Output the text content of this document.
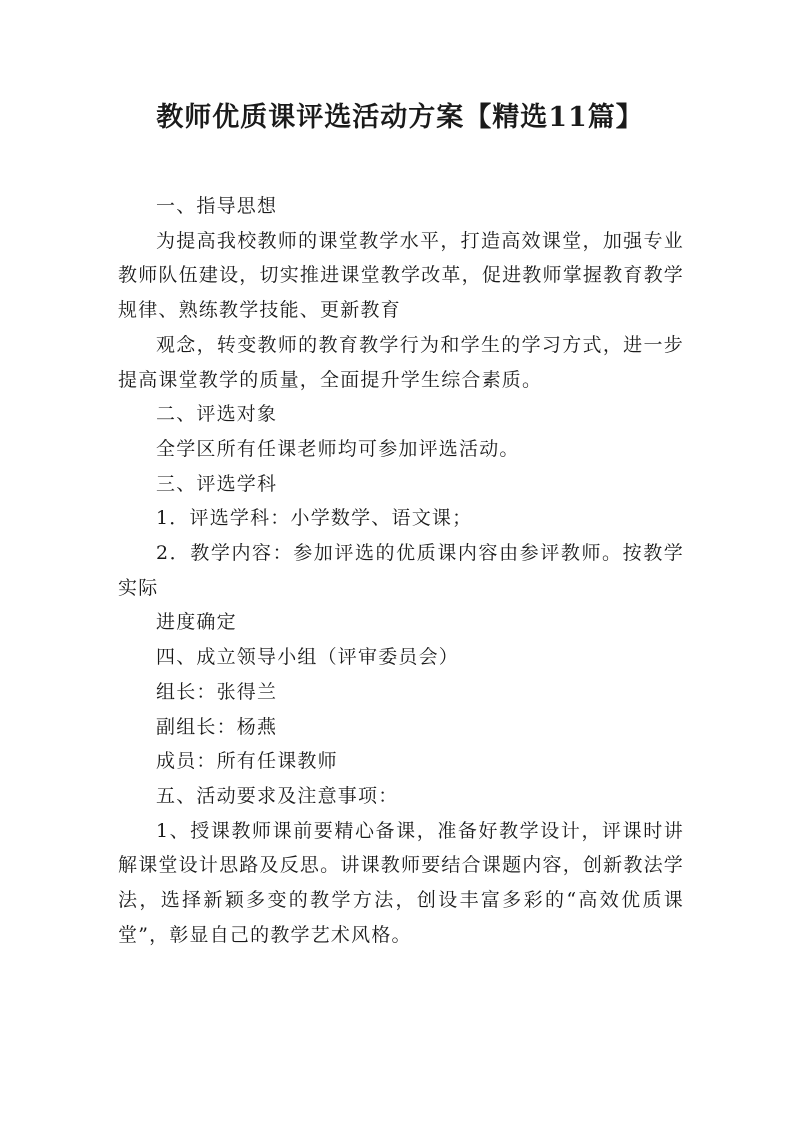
教师优质课评选活动方案【精选11篇】

一、指导思想

为提高我校教师的课堂教学水平，打造高效课堂，加强专业教师队伍建设，切实推进课堂教学改革，促进教师掌握教育教学规律、熟练教学技能、更新教育

观念，转变教师的教育教学行为和学生的学习方式，进一步提高课堂教学的质量，全面提升学生综合素质。

二、评选对象

全学区所有任课老师均可参加评选活动。

三、评选学科

1．评选学科：小学数学、语文课；

2．教学内容：参加评选的优质课内容由参评教师。按教学实际

进度确定

四、成立领导小组（评审委员会）

组长：张得兰

副组长：杨燕

成员：所有任课教师

五、活动要求及注意事项：

1、授课教师课前要精心备课，准备好教学设计，评课时讲解课堂设计思路及反思。讲课教师要结合课题内容，创新教法学法，选择新颖多变的教学方法，创设丰富多彩的“高效优质课堂”，彰显自己的教学艺术风格。
